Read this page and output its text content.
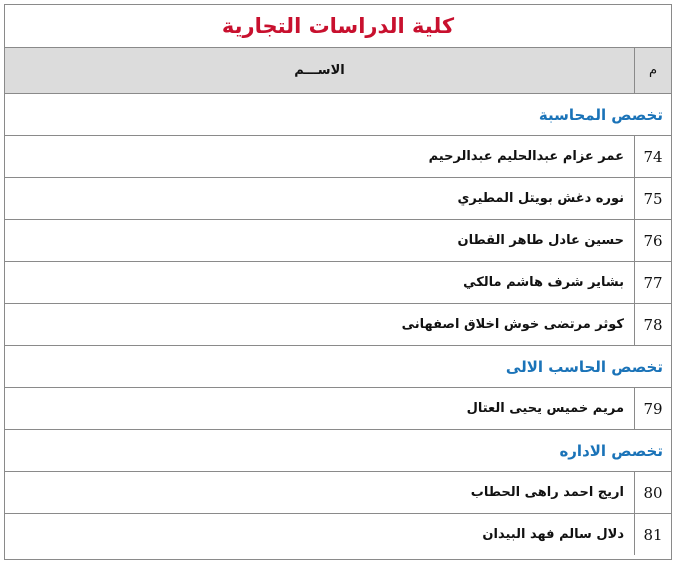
كلية الدراسات التجارية
م
الاســـم
تخصص المحاسبة
74
عمر عزام عبدالحليم عبدالرحيم
75
نوره دغش بويتل المطيري
76
حسين عادل طاهر القطان
77
بشاير شرف هاشم مالكي
78
كوثر مرتضى خوش اخلاق اصفهانى
تخصص الحاسب الالى
79
مريم خميس يحيى العتال
تخصص الاداره
80
اريج احمد راهى الحطاب
81
دلال سالم فهد البيدان
